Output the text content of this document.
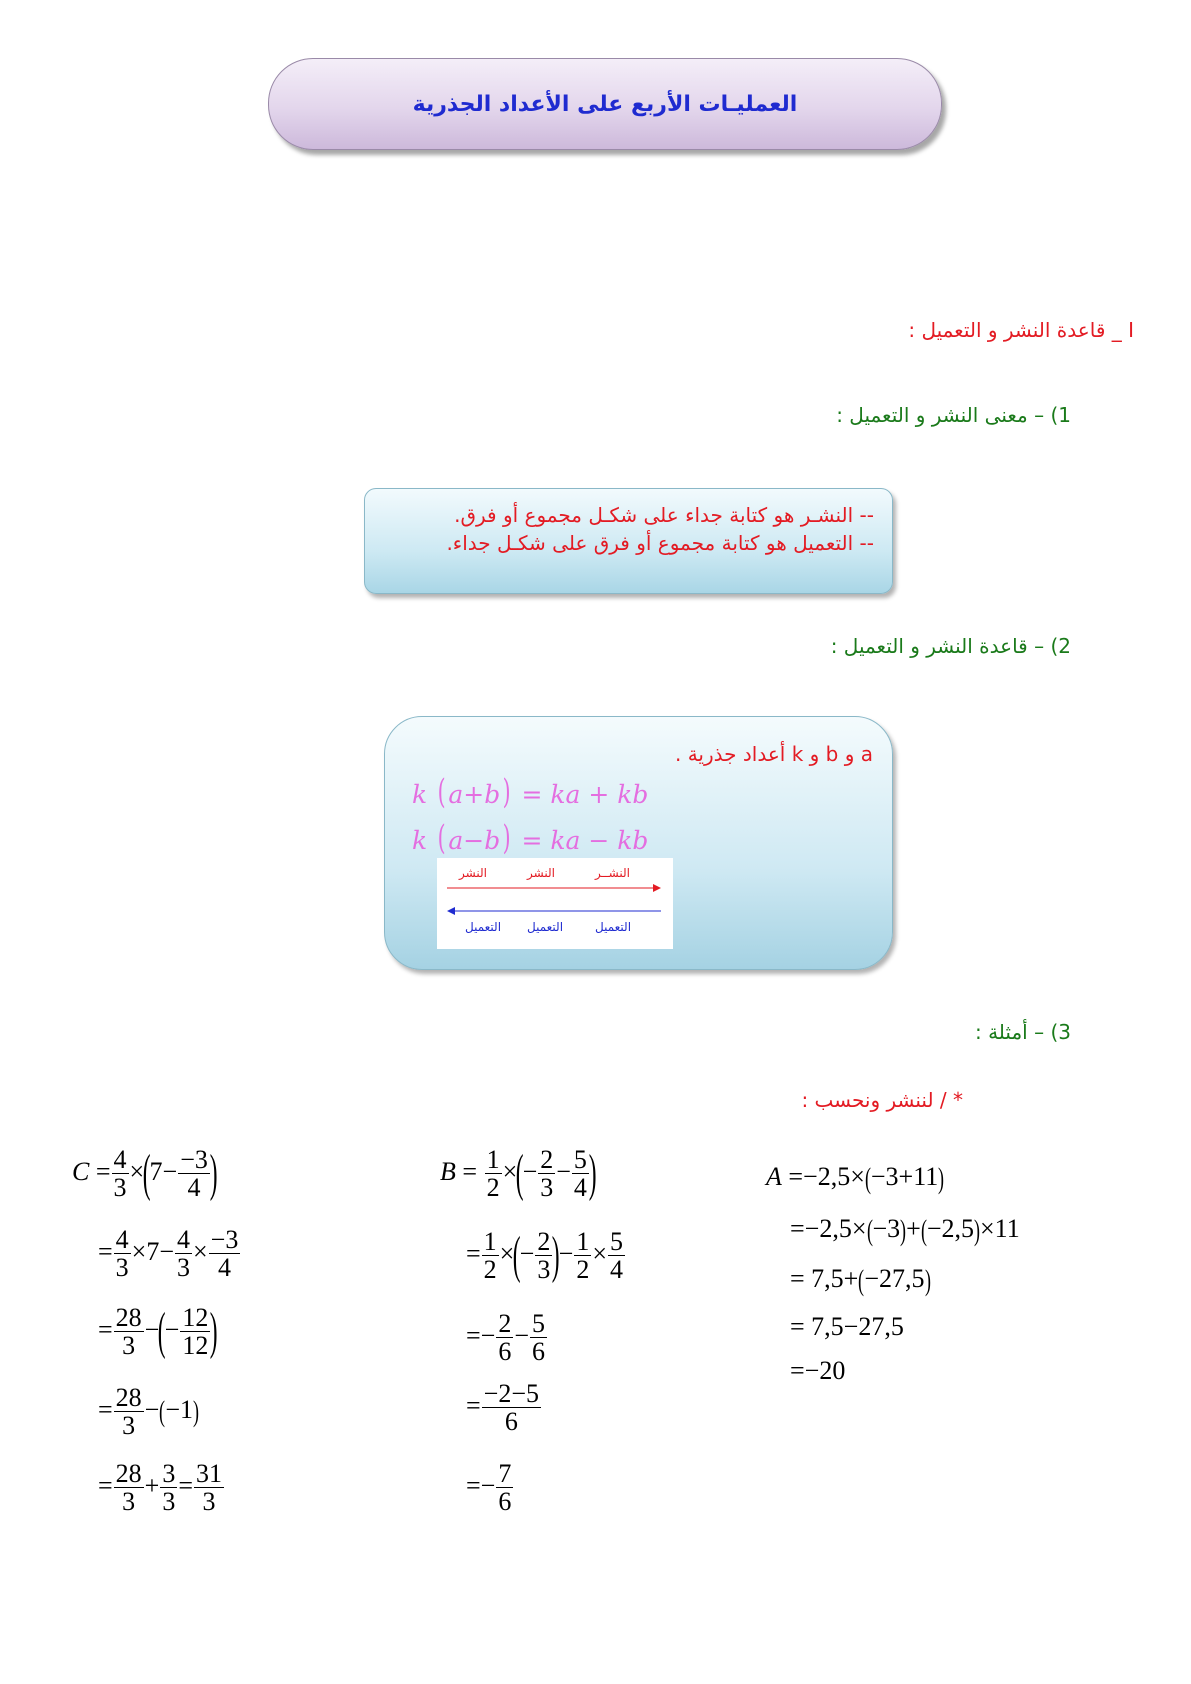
العمليـات الأربع على الأعداد الجذرية
I _ قاعدة النشر و التعميل :
1) – معنى النشر و التعميل :
-- النشـر هو كتابة جداء على شكـل مجموع أو فرق.
-- التعميل هو كتابة مجموع أو فرق على شكـل جداء.
2) – قاعدة النشر و التعميل :
a و b و k أعداد جذرية .
k ( a+b) = ka + kb
k ( a−b) = ka − kb
النشر	النشر	النشــر
التعميل التعميل	التعميل
3) – أمثلة :
* / لننشر ونحسب :
A =−2,5×(−3+11)
=−2,5×(−3)+(−2,5)×11
= 7,5+(−27,5)
= 7,5−27,5
=−20
$B = \frac{1}{2}$ ×(− $\frac{2}{3} - \frac{5}{4}$ )
= $\frac{1}{2}$ ×(− $\frac{2}{3}$ )− $\frac{1}{2} \times \frac{5}{4}$
=− $\frac{2}{6} - \frac{5}{6}$
= $\frac{-2-5}{6}$
=− $\frac{7}{6}$
$C = \frac{4}{3} \times(7- \frac{-3}{4}$ )
= $\frac{4}{3} \times 7- \frac{4}{3} \times \frac{-3}{4}$
= $\frac{28}{3}$ −(− $\frac{12}{12}$ )
= $\frac{28}{3} -(-1)$
= $\frac{28}{3} + \frac{3}{3} = \frac{31}{3}$
